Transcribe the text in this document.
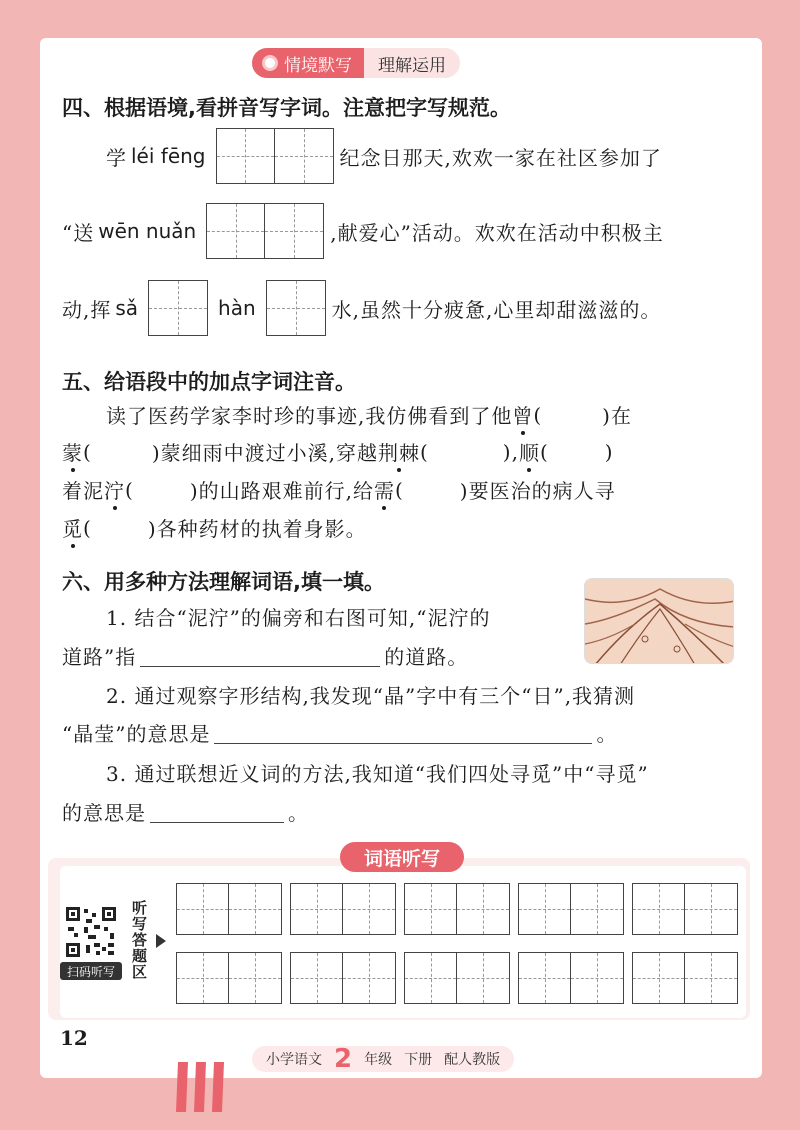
情境默写 理解运用
四、根据语境,看拼音写字词。注意把字写规范。
学 léi fēng	纪念日那天,欢欢一家在社区参加了
“送 wēn nuǎn	,献爱心”活动。欢欢在活动中积极主
动,挥 sǎ	hàn	水,虽然十分疲惫,心里却甜滋滋的。
五、给语段中的加点字词注音。
读了医药学家李时珍的事迹,我仿佛看到了他 曾 (	)在
蒙 (	)蒙细雨中渡过小溪,穿越 荆棘 (	), 顺 (	)
着 泥 泞 (	)的山路艰难前行,给 需 (	)要医治的病人寻
觅 (	)各种药材的执着身影。
六、用多种方法理解词语,填一填。
1. 结合“泥泞”的偏旁和右图可知,“泥泞的
道路”指	的道路。
2. 通过观察字形结构,我发现“晶”字中有三个“日”,我猜测
“晶莹”的意思是	。
3. 通过联想近义词的方法,我知道“我们四处寻觅”中“寻觅”
的意思是	。
词语听写
扫码听写
听写答题区
12
小学语文 2 年级 下册 配人教版
